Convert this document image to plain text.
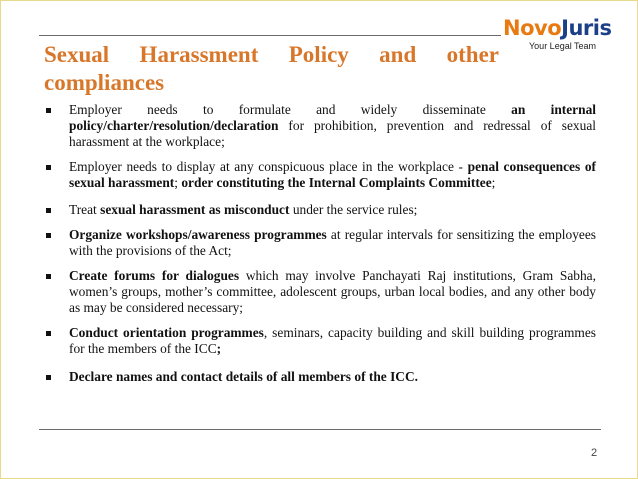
NovoJuris
Your Legal Team
Sexual Harassment Policy and other compliances
Employer needs to formulate and widely disseminate an internal policy/charter/resolution/declaration for prohibition, prevention and redressal of sexual harassment at the workplace;
Employer needs to display at any conspicuous place in the workplace - penal consequences of sexual harassment; order constituting the Internal Complaints Committee;
Treat sexual harassment as misconduct under the service rules;
Organize workshops/awareness programmes at regular intervals for sensitizing the employees with the provisions of the Act;
Create forums for dialogues which may involve Panchayati Raj institutions, Gram Sabha, women’s groups, mother’s committee, adolescent groups, urban local bodies, and any other body as may be considered necessary;
Conduct orientation programmes, seminars, capacity building and skill building programmes for the members of the ICC;
Declare names and contact details of all members of the ICC.
2
